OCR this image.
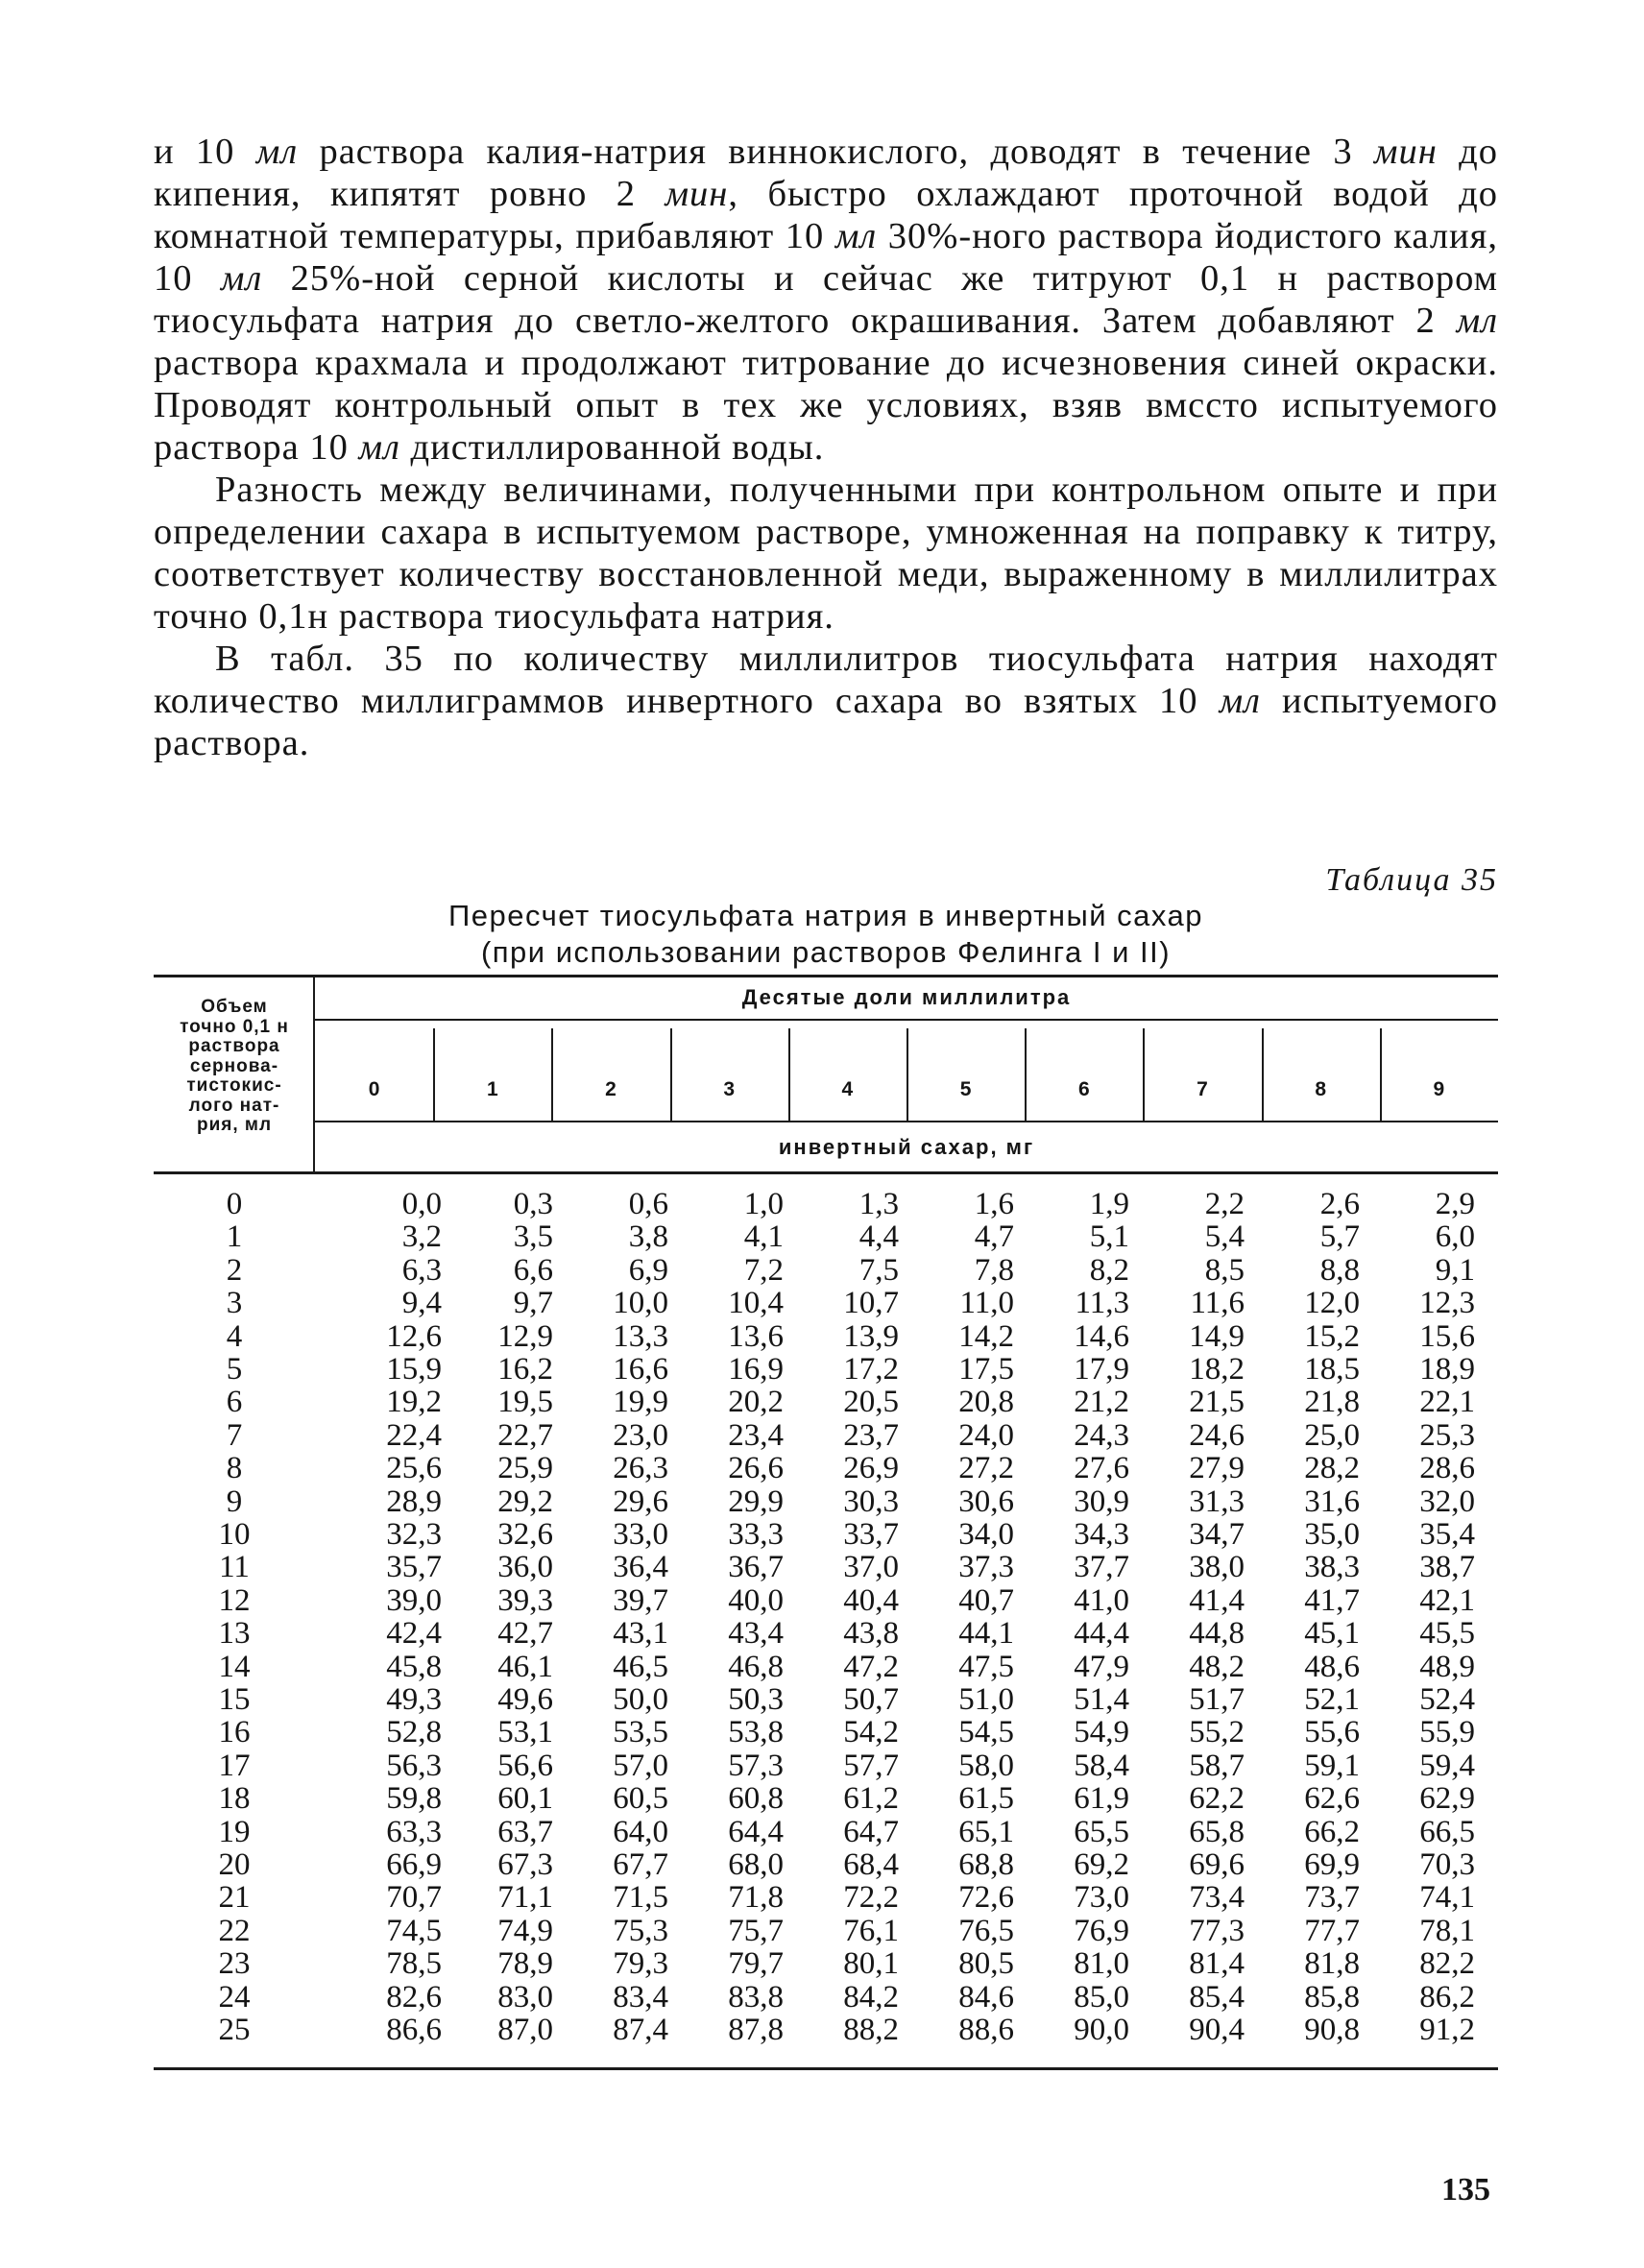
и 10 мл раствора калия-натрия виннокислого, доводят в течение 3 мин до кипения, кипятят ровно 2 мин, быстро охлаждают проточной водой до комнатной температуры, прибавляют 10 мл 30%-ного раствора йодистого калия, 10 мл 25%-ной серной кислоты и сейчас же титруют 0,1 н раствором тиосульфата натрия до светло-желтого окрашивания. Затем добавляют 2 мл раствора крахмала и продолжают титрование до исчезновения синей окраски. Проводят контрольный опыт в тех же условиях, взяв вмссто испытуемого раствора 10 мл дистиллированной воды.

Разность между величинами, полученными при контрольном опыте и при определении сахара в испытуемом растворе, умноженная на поправку к титру, соответствует количеству восстановленной меди, выраженному в миллилитрах точно 0,1н раствора тиосульфата натрия.

В табл. 35 по количеству миллилитров тиосульфата натрия находят количество миллиграммов инвертного сахара во взятых 10 мл испытуемого раствора.

Таблица 35
Пересчет тиосульфата натрия в инвертный сахар
(при использовании растворов Фелинга I и II)
Объем
точно 0,1 н
раствора
сернова-
тистокис-
лого нат-
рия, мл
Десятые доли миллилитра
инвертный сахар, мг
0	1	2	3	4	5	6	7	8	9
0	0,0	0,3	0,6	1,0	1,3	1,6	1,9	2,2	2,6	2,9
1	3,2	3,5	3,8	4,1	4,4	4,7	5,1	5,4	5,7	6,0
2	6,3	6,6	6,9	7,2	7,5	7,8	8,2	8,5	8,8	9,1
3	9,4	9,7	10,0	10,4	10,7	11,0	11,3	11,6	12,0	12,3
4	12,6	12,9	13,3	13,6	13,9	14,2	14,6	14,9	15,2	15,6
5	15,9	16,2	16,6	16,9	17,2	17,5	17,9	18,2	18,5	18,9
6	19,2	19,5	19,9	20,2	20,5	20,8	21,2	21,5	21,8	22,1
7	22,4	22,7	23,0	23,4	23,7	24,0	24,3	24,6	25,0	25,3
8	25,6	25,9	26,3	26,6	26,9	27,2	27,6	27,9	28,2	28,6
9	28,9	29,2	29,6	29,9	30,3	30,6	30,9	31,3	31,6	32,0
10	32,3	32,6	33,0	33,3	33,7	34,0	34,3	34,7	35,0	35,4
11	35,7	36,0	36,4	36,7	37,0	37,3	37,7	38,0	38,3	38,7
12	39,0	39,3	39,7	40,0	40,4	40,7	41,0	41,4	41,7	42,1
13	42,4	42,7	43,1	43,4	43,8	44,1	44,4	44,8	45,1	45,5
14	45,8	46,1	46,5	46,8	47,2	47,5	47,9	48,2	48,6	48,9
15	49,3	49,6	50,0	50,3	50,7	51,0	51,4	51,7	52,1	52,4
16	52,8	53,1	53,5	53,8	54,2	54,5	54,9	55,2	55,6	55,9
17	56,3	56,6	57,0	57,3	57,7	58,0	58,4	58,7	59,1	59,4
18	59,8	60,1	60,5	60,8	61,2	61,5	61,9	62,2	62,6	62,9
19	63,3	63,7	64,0	64,4	64,7	65,1	65,5	65,8	66,2	66,5
20	66,9	67,3	67,7	68,0	68,4	68,8	69,2	69,6	69,9	70,3
21	70,7	71,1	71,5	71,8	72,2	72,6	73,0	73,4	73,7	74,1
22	74,5	74,9	75,3	75,7	76,1	76,5	76,9	77,3	77,7	78,1
23	78,5	78,9	79,3	79,7	80,1	80,5	81,0	81,4	81,8	82,2
24	82,6	83,0	83,4	83,8	84,2	84,6	85,0	85,4	85,8	86,2
25	86,6	87,0	87,4	87,8	88,2	88,6	90,0	90,4	90,8	91,2
135
